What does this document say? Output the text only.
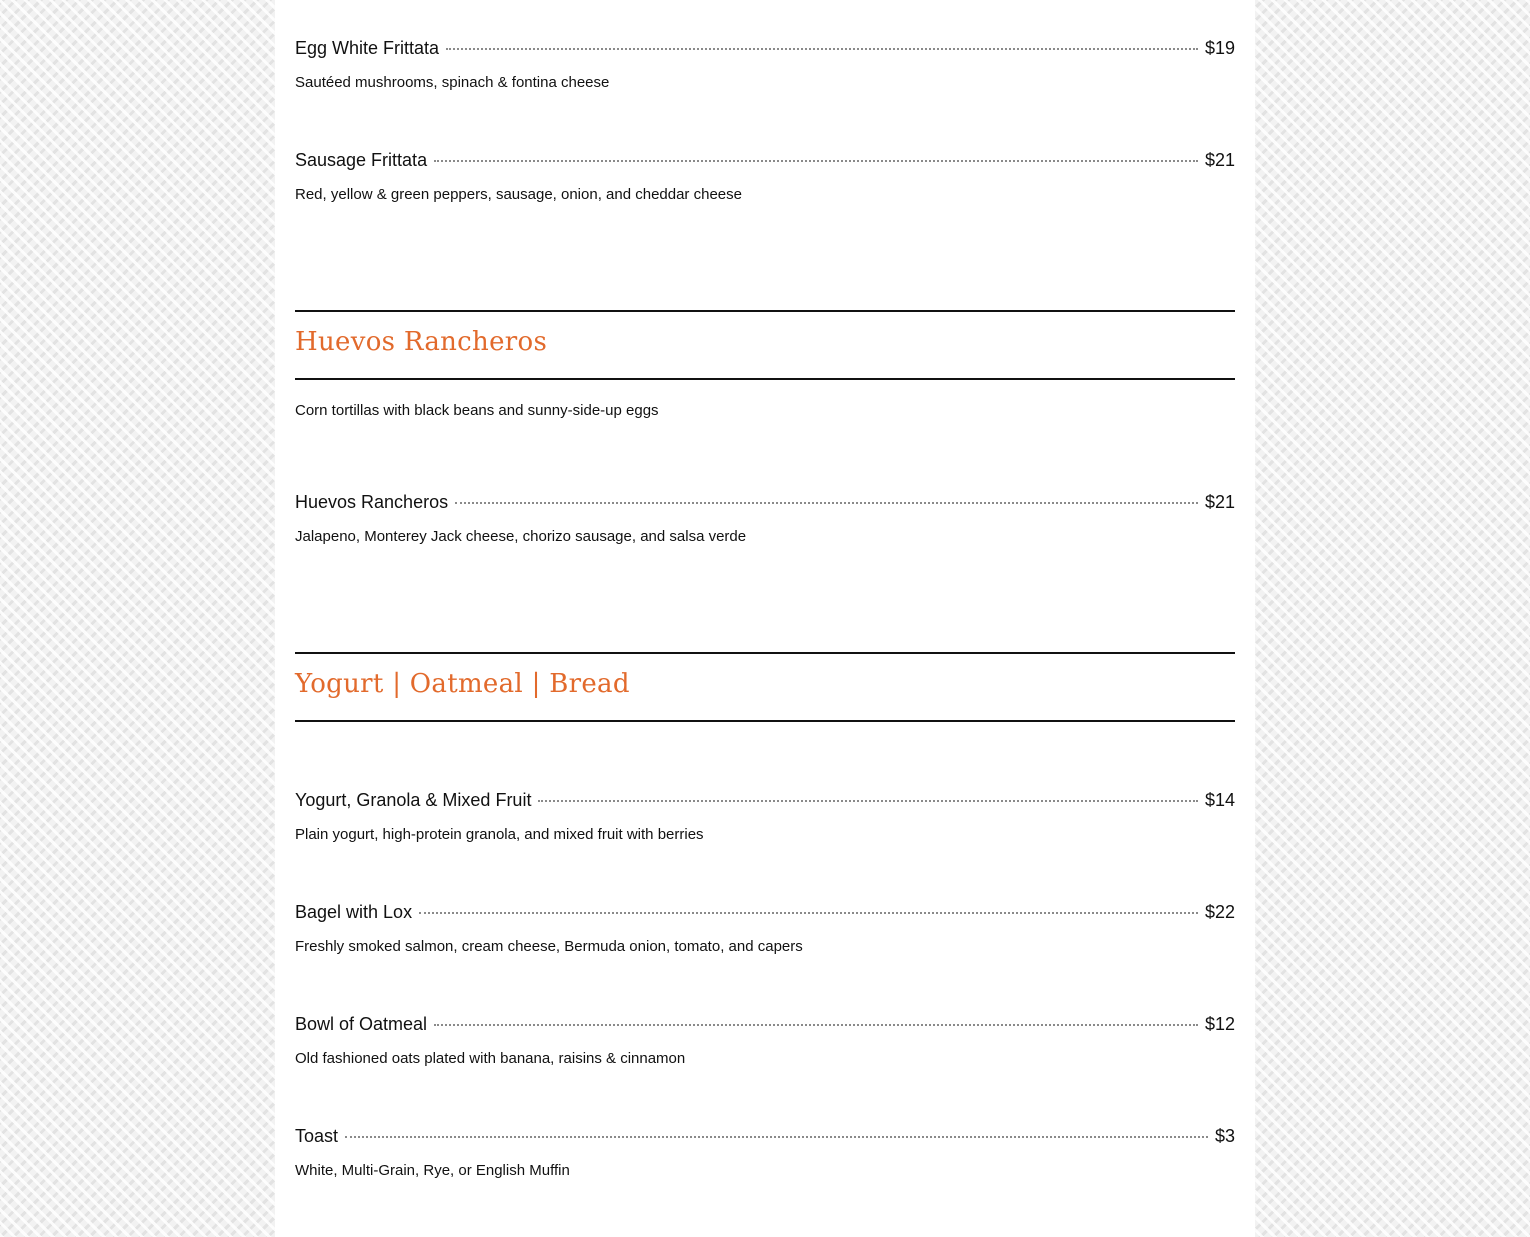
Egg White Frittata	$19
Sautéed mushrooms, spinach & fontina cheese
Sausage Frittata	$21
Red, yellow & green peppers, sausage, onion, and cheddar cheese
Huevos Rancheros
Corn tortillas with black beans and sunny-side-up eggs
Huevos Rancheros	$21
Jalapeno, Monterey Jack cheese, chorizo sausage, and salsa verde
Yogurt | Oatmeal | Bread
Yogurt, Granola & Mixed Fruit	$14
Plain yogurt, high-protein granola, and mixed fruit with berries
Bagel with Lox	$22
Freshly smoked salmon, cream cheese, Bermuda onion, tomato, and capers
Bowl of Oatmeal	$12
Old fashioned oats plated with banana, raisins & cinnamon
Toast	$3
White, Multi-Grain, Rye, or English Muffin
